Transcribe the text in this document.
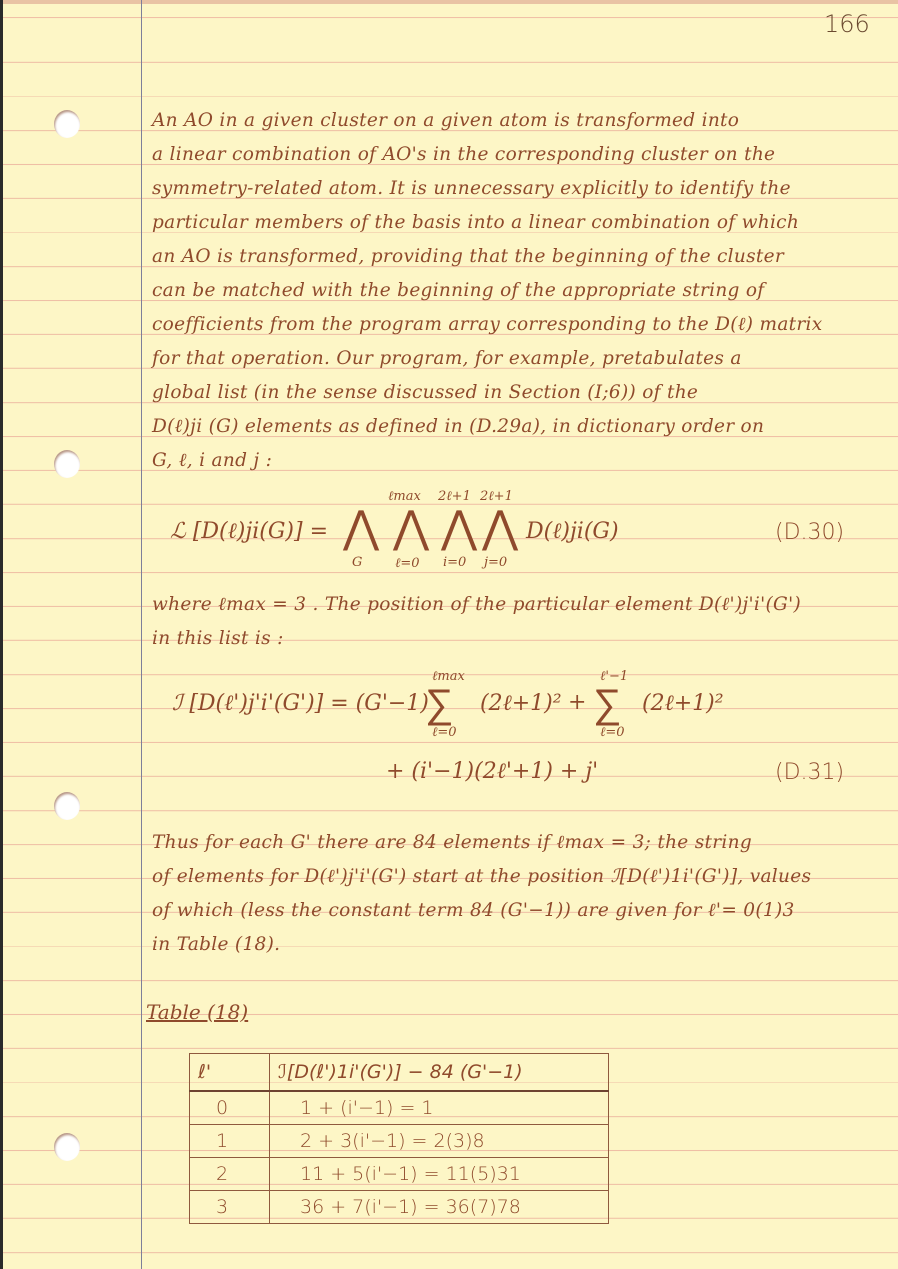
166
An AO in a given cluster on a given atom is transformed into
a linear combination of AO's in the corresponding cluster on the
symmetry-related atom. It is unnecessary explicitly to identify the
particular members of the basis into a linear combination of which
an AO is transformed, providing that the beginning of the cluster
can be matched with the beginning of the appropriate string of
coefficients from the program array corresponding to the D(ℓ) matrix
for that operation. Our program, for example, pretabulates a
global list (in the sense discussed in Section (I;6)) of the
D(ℓ)ji (G) elements as defined in (D.29a), in dictionary order on
G, ℓ, i and j :
ℒ [D(ℓ)ji(G)] = ⋀
G
⋀
ℓmax
ℓ=0
⋀
2ℓ+1
i=0
⋀
2ℓ+1
j=0
D(ℓ)ji(G)	(D.30)
where ℓmax = 3 . The position of the particular element D(ℓ')j'i'(G')
in this list is :
ℐ [D(ℓ')j'i'(G')] = (G'−1)
ℓmax
∑
ℓ=0
(2ℓ+1)² +
ℓ'−1
∑
ℓ=0
(2ℓ+1)²
+ (i'−1)(2ℓ'+1) + j'	(D.31)
Thus for each G' there are 84 elements if ℓmax = 3; the string
of elements for D(ℓ')j'i'(G') start at the position ℐ[D(ℓ')1i'(G')], values
of which (less the constant term 84 (G'−1)) are given for ℓ'= 0(1)3
in Table (18).
Table (18)
ℓ'	ℐ[D(ℓ')1i'(G')] − 84 (G'−1)
0	1 + (i'−1) = 1
1	2 + 3(i'−1) = 2(3)8
2	11 + 5(i'−1) = 11(5)31
3	36 + 7(i'−1) = 36(7)78
